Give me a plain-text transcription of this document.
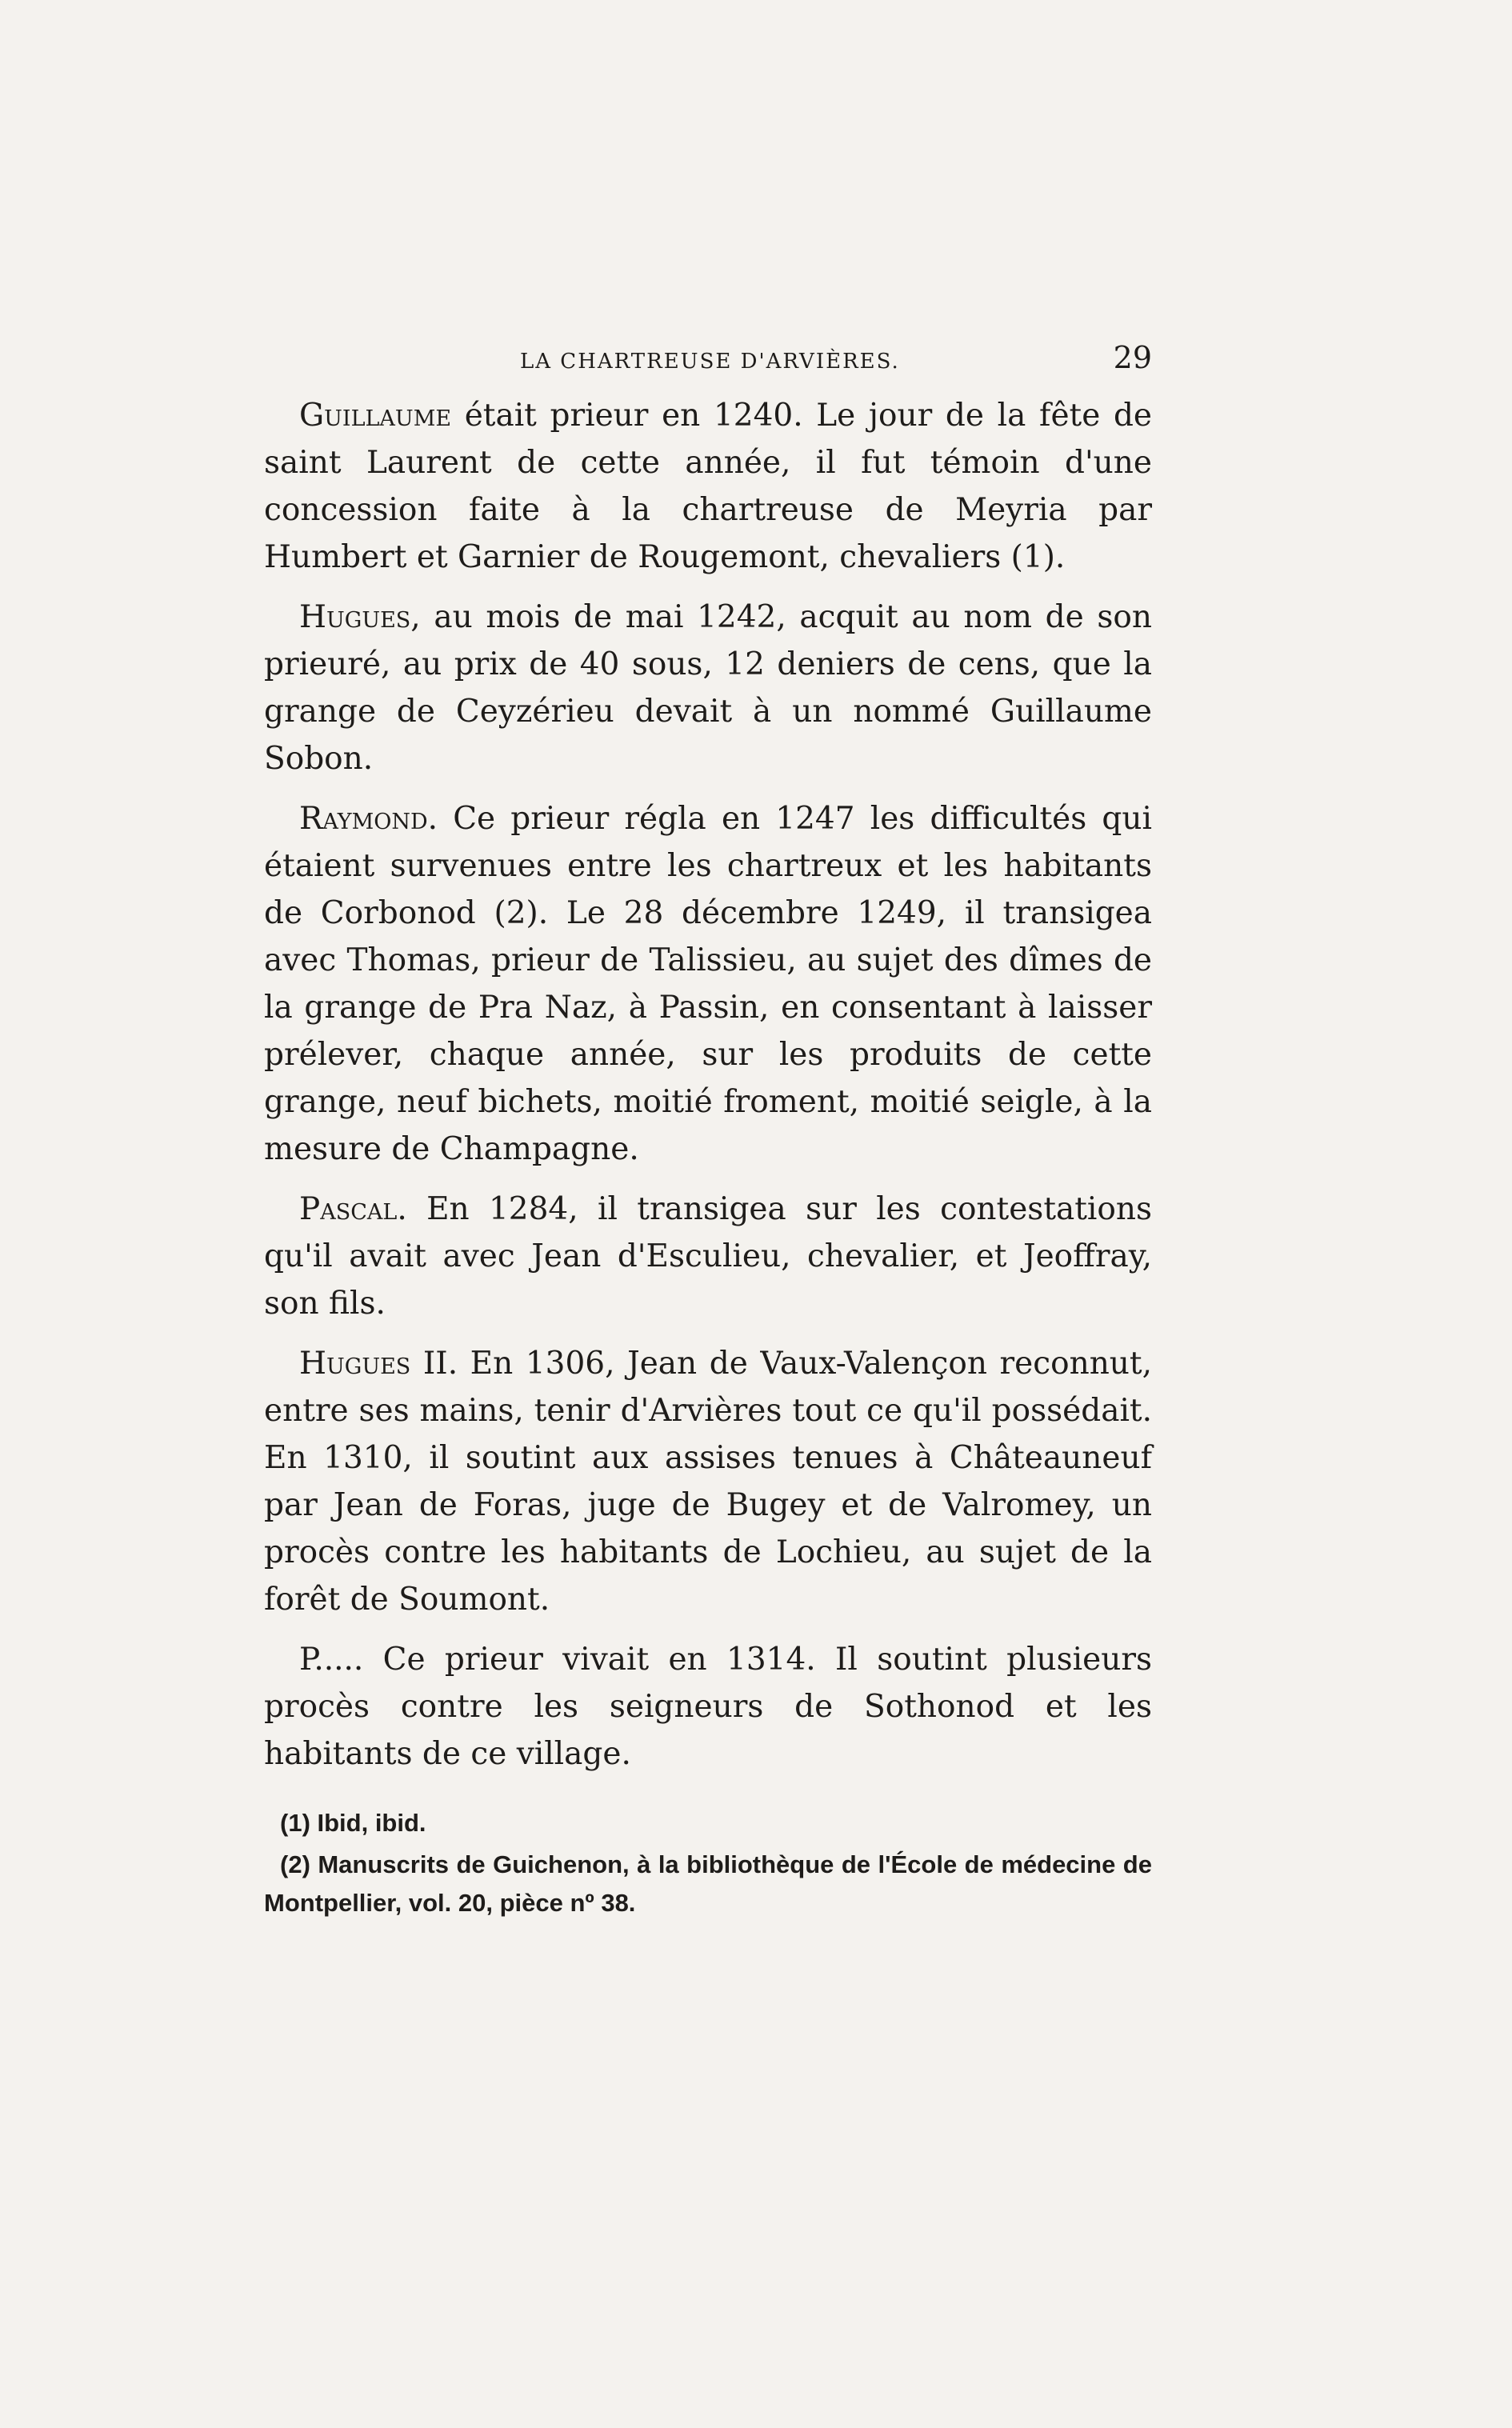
LA CHARTREUSE D'ARVIÈRES.	29

Guillaume était prieur en 1240. Le jour de la fête de saint Laurent de cette année, il fut témoin d'une concession faite à la chartreuse de Meyria par Humbert et Garnier de Rougemont, chevaliers (1).

Hugues, au mois de mai 1242, acquit au nom de son prieuré, au prix de 40 sous, 12 deniers de cens, que la grange de Ceyzérieu devait à un nommé Guillaume Sobon.

Raymond. Ce prieur régla en 1247 les difficultés qui étaient survenues entre les chartreux et les habitants de Corbonod (2). Le 28 décembre 1249, il transigea avec Thomas, prieur de Talissieu, au sujet des dîmes de la grange de Pra Naz, à Passin, en consentant à laisser prélever, chaque année, sur les produits de cette grange, neuf bichets, moitié froment, moitié seigle, à la mesure de Champagne.

Pascal. En 1284, il transigea sur les contestations qu'il avait avec Jean d'Esculieu, chevalier, et Jeoffray, son fils.

Hugues II. En 1306, Jean de Vaux-Valençon reconnut, entre ses mains, tenir d'Arvières tout ce qu'il possédait. En 1310, il soutint aux assises tenues à Châteauneuf par Jean de Foras, juge de Bugey et de Valromey, un procès contre les habitants de Lochieu, au sujet de la forêt de Soumont.

P..... Ce prieur vivait en 1314. Il soutint plusieurs procès contre les seigneurs de Sothonod et les habitants de ce village.

(1) Ibid, ibid.

(2) Manuscrits de Guichenon, à la bibliothèque de l'École de médecine de Montpellier, vol. 20, pièce nº 38.
